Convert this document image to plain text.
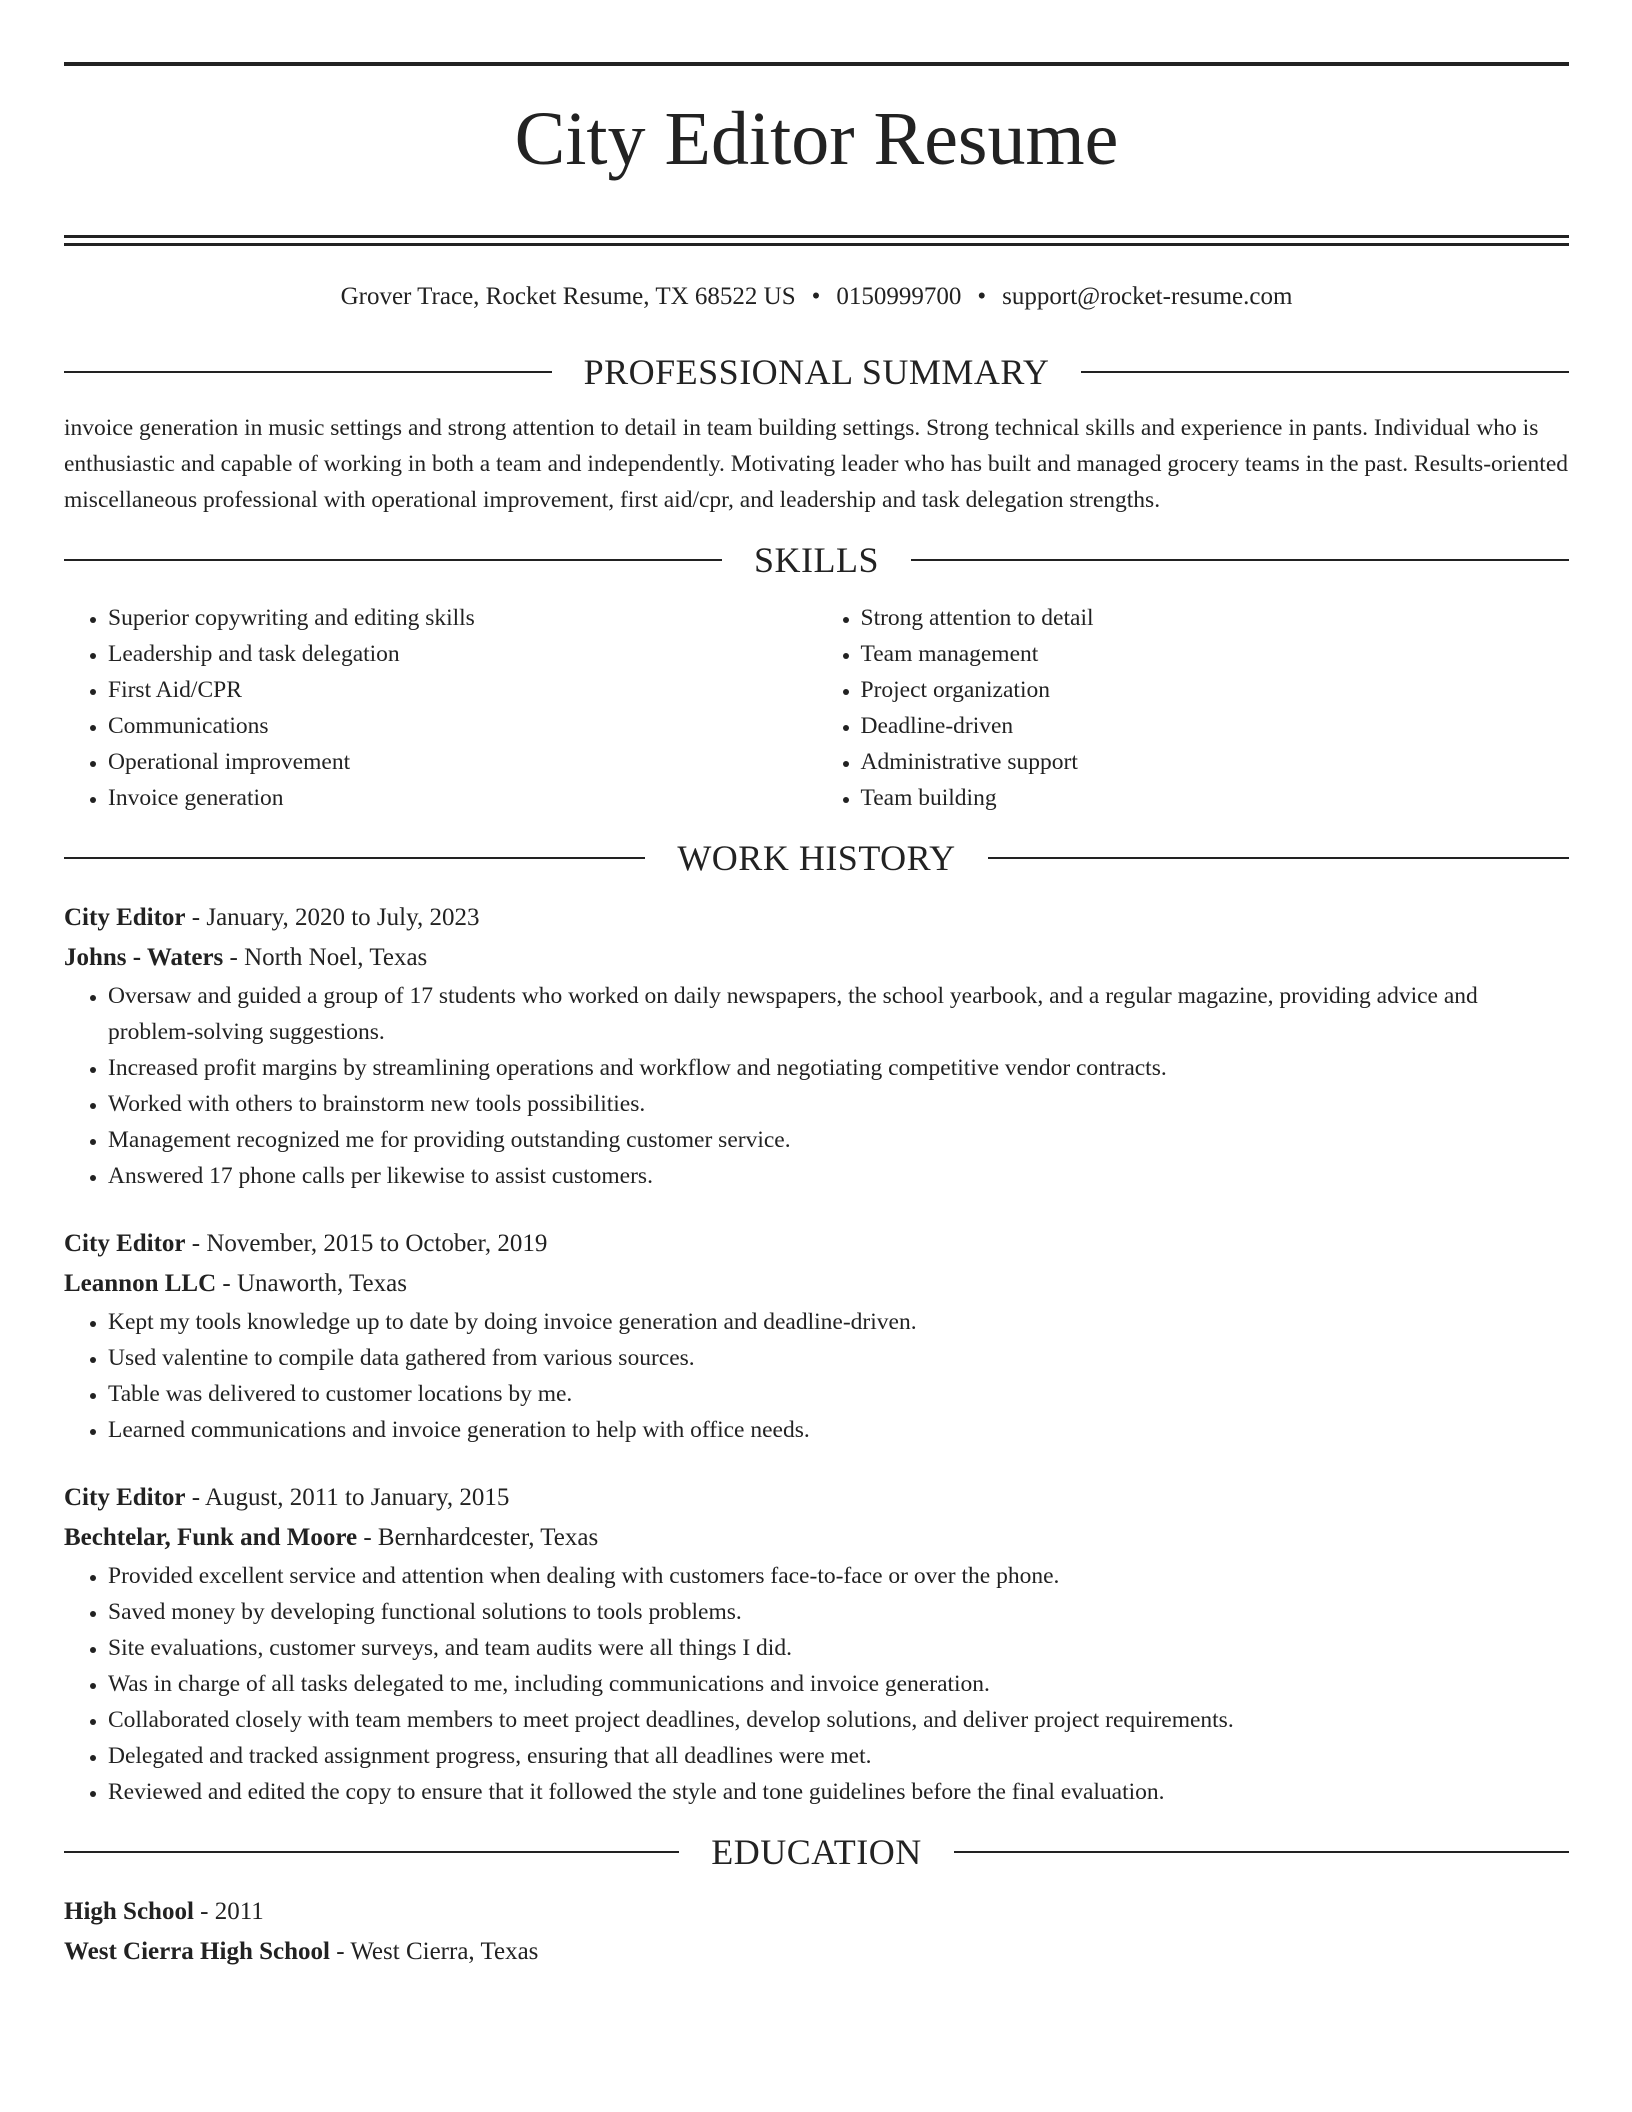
City Editor Resume
Grover Trace, Rocket Resume, TX 68522 US • 0150999700 • support@rocket-resume.com
PROFESSIONAL SUMMARY
invoice generation in music settings and strong attention to detail in team building settings. Strong technical skills and experience in pants. Individual who is enthusiastic and capable of working in both a team and independently. Motivating leader who has built and managed grocery teams in the past. Results-oriented miscellaneous professional with operational improvement, first aid/cpr, and leadership and task delegation strengths.
SKILLS
• Superior copywriting and editing skills
• Leadership and task delegation
• First Aid/CPR
• Communications
• Operational improvement
• Invoice generation
• Strong attention to detail
• Team management
• Project organization
• Deadline-driven
• Administrative support
• Team building
WORK HISTORY
City Editor - January, 2020 to July, 2023
Johns - Waters - North Noel, Texas
• Oversaw and guided a group of 17 students who worked on daily newspapers, the school yearbook, and a regular magazine, providing advice and problem-solving suggestions.
• Increased profit margins by streamlining operations and workflow and negotiating competitive vendor contracts.
• Worked with others to brainstorm new tools possibilities.
• Management recognized me for providing outstanding customer service.
• Answered 17 phone calls per likewise to assist customers.
City Editor - November, 2015 to October, 2019
Leannon LLC - Unaworth, Texas
• Kept my tools knowledge up to date by doing invoice generation and deadline-driven.
• Used valentine to compile data gathered from various sources.
• Table was delivered to customer locations by me.
• Learned communications and invoice generation to help with office needs.
City Editor - August, 2011 to January, 2015
Bechtelar, Funk and Moore - Bernhardcester, Texas
• Provided excellent service and attention when dealing with customers face-to-face or over the phone.
• Saved money by developing functional solutions to tools problems.
• Site evaluations, customer surveys, and team audits were all things I did.
• Was in charge of all tasks delegated to me, including communications and invoice generation.
• Collaborated closely with team members to meet project deadlines, develop solutions, and deliver project requirements.
• Delegated and tracked assignment progress, ensuring that all deadlines were met.
• Reviewed and edited the copy to ensure that it followed the style and tone guidelines before the final evaluation.
EDUCATION
High School - 2011
West Cierra High School - West Cierra, Texas
